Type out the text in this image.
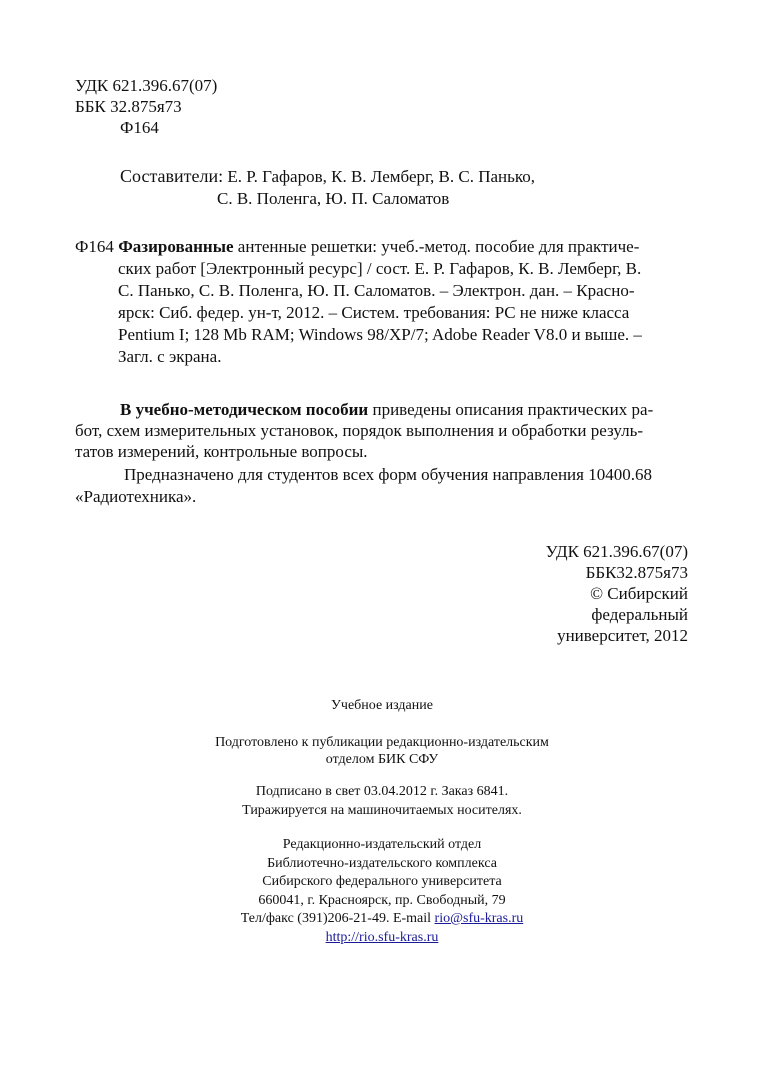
УДК 621.396.67(07)
ББК 32.875я73
Ф164
Составители: Е. Р. Гафаров, К. В. Лемберг, В. С. Панько,
С. В. Поленга, Ю. П. Саломатов
Ф164 Фазированные антенные решетки: учеб.-метод. пособие для практиче-
ских работ [Электронный ресурс] / сост. Е. Р. Гафаров, К. В. Лемберг, В.
С. Панько, С. В. Поленга, Ю. П. Саломатов. – Электрон. дан. – Красно-
ярск: Сиб. федер. ун-т, 2012. – Систем. требования: PC не ниже класса
Pentium I; 128 Mb RAM; Windows 98/XP/7; Adobe Reader V8.0 и выше. –
Загл. с экрана.
В учебно-методическом пособии приведены описания практических ра-
бот, схем измерительных установок, порядок выполнения и обработки резуль-
татов измерений, контрольные вопросы.
Предназначено для студентов всех форм обучения направления 10400.68
«Радиотехника».
УДК 621.396.67(07)
ББК32.875я73
© Сибирский
федеральный
университет, 2012
Учебное издание
Подготовлено к публикации редакционно-издательским
отделом БИК СФУ
Подписано в свет 03.04.2012 г. Заказ 6841.
Тиражируется на машиночитаемых носителях.
Редакционно-издательский отдел
Библиотечно-издательского комплекса
Сибирского федерального университета
660041, г. Красноярск, пр. Свободный, 79
Тел/факс (391)206-21-49. E-mail rio@sfu-kras.ru
http://rio.sfu-kras.ru
